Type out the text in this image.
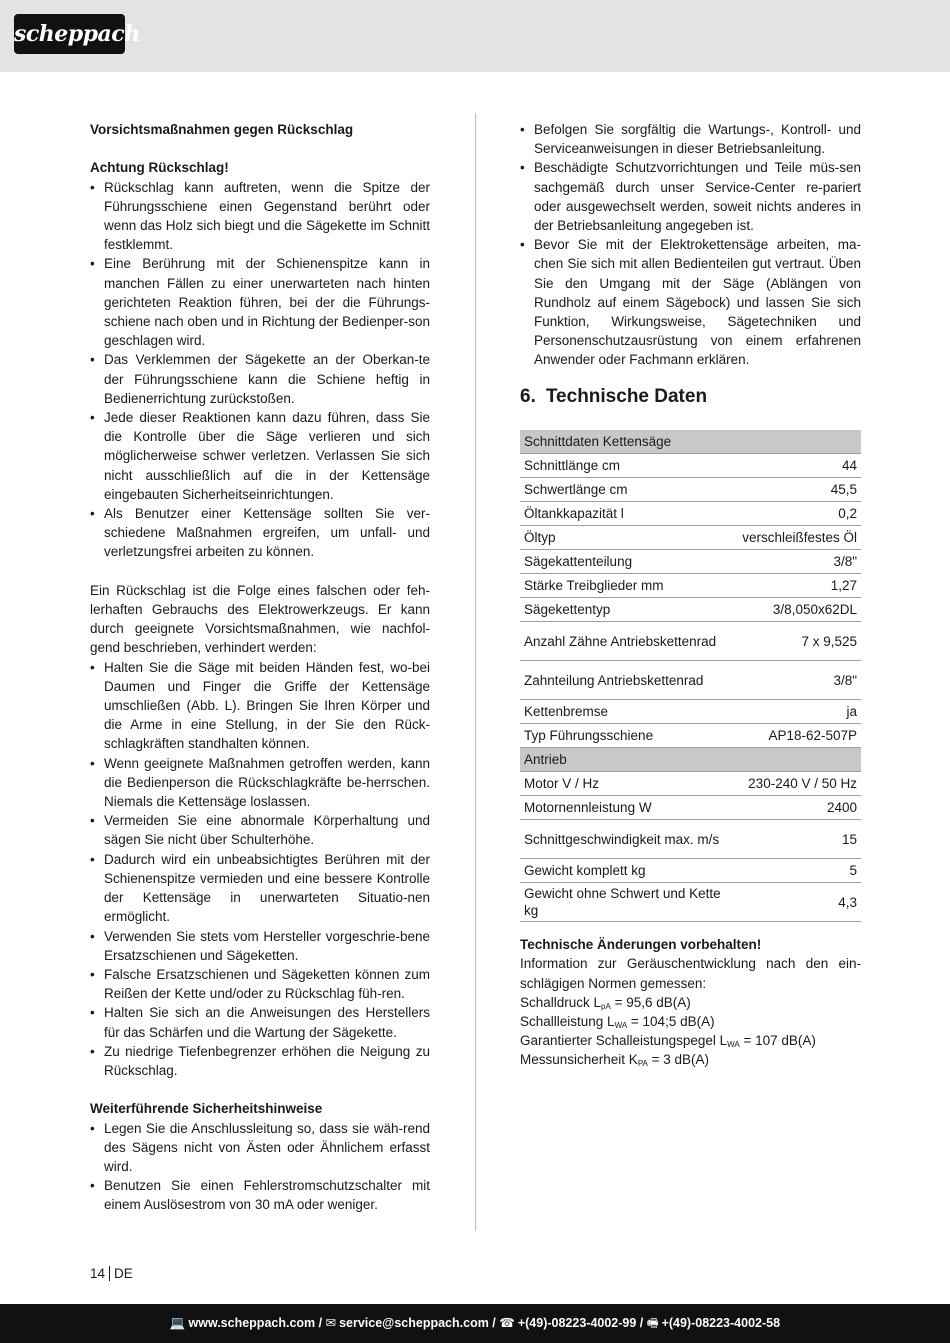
scheppach
Vorsichtsmaßnahmen gegen Rückschlag
Achtung Rückschlag!
• Rückschlag kann auftreten, wenn die Spitze der Führungsschiene einen Gegenstand berührt oder wenn das Holz sich biegt und die Sägekette im Schnitt festklemmt.
• Eine Berührung mit der Schienenspitze kann in manchen Fällen zu einer unerwarteten nach hinten gerichteten Reaktion führen, bei der die Führungs-schiene nach oben und in Richtung der Bedienper-son geschlagen wird.
• Das Verklemmen der Sägekette an der Oberkan-te der Führungsschiene kann die Schiene heftig in Bedienerrichtung zurückstoßen.
• Jede dieser Reaktionen kann dazu führen, dass Sie die Kontrolle über die Säge verlieren und sich möglicherweise schwer verletzen. Verlassen Sie sich nicht ausschließlich auf die in der Kettensäge eingebauten Sicherheitseinrichtungen.
• Als Benutzer einer Kettensäge sollten Sie ver-schiedene Maßnahmen ergreifen, um unfall- und verletzungsfrei arbeiten zu können.
Ein Rückschlag ist die Folge eines falschen oder feh-lerhaften Gebrauchs des Elektrowerkzeugs. Er kann durch geeignete Vorsichtsmaßnahmen, wie nachfol-gend beschrieben, verhindert werden:
• Halten Sie die Säge mit beiden Händen fest, wo-bei Daumen und Finger die Griffe der Kettensäge umschließen (Abb. L). Bringen Sie Ihren Körper und die Arme in eine Stellung, in der Sie den Rück-schlagkräften standhalten können.
• Wenn geeignete Maßnahmen getroffen werden, kann die Bedienperson die Rückschlagkräfte be-herrschen. Niemals die Kettensäge loslassen.
• Vermeiden Sie eine abnormale Körperhaltung und sägen Sie nicht über Schulterhöhe.
• Dadurch wird ein unbeabsichtigtes Berühren mit der Schienenspitze vermieden und eine bessere Kontrolle der Kettensäge in unerwarteten Situatio-nen ermöglicht.
• Verwenden Sie stets vom Hersteller vorgeschrie-bene Ersatzschienen und Sägeketten.
• Falsche Ersatzschienen und Sägeketten können zum Reißen der Kette und/oder zu Rückschlag füh-ren.
• Halten Sie sich an die Anweisungen des Herstellers für das Schärfen und die Wartung der Sägekette.
• Zu niedrige Tiefenbegrenzer erhöhen die Neigung zu Rückschlag.
Weiterführende Sicherheitshinweise
• Legen Sie die Anschlussleitung so, dass sie wäh-rend des Sägens nicht von Ästen oder Ähnlichem erfasst wird.
• Benutzen Sie einen Fehlerstromschutzschalter mit einem Auslösestrom von 30 mA oder weniger.
• Befolgen Sie sorgfältig die Wartungs-, Kontroll- und Serviceanweisungen in dieser Betriebsanleitung.
• Beschädigte Schutzvorrichtungen und Teile müs-sen sachgemäß durch unser Service-Center re-pariert oder ausgewechselt werden, soweit nichts anderes in der Betriebsanleitung angegeben ist.
• Bevor Sie mit der Elektrokettensäge arbeiten, ma-chen Sie sich mit allen Bedienteilen gut vertraut. Üben Sie den Umgang mit der Säge (Ablängen von Rundholz auf einem Sägebock) und lassen Sie sich Funktion, Wirkungsweise, Sägetechniken und Personenschutzausrüstung von einem erfahrenen Anwender oder Fachmann erklären.
6. Technische Daten
Schnittdaten Kettensäge	
Schnittlänge cm	44
Schwertlänge cm	45,5
Öltankkapazität l	0,2
Öltyp	verschleißfestes Öl
Sägekattenteilung	3/8"
Stärke Treibglieder mm	1,27
Sägekettentyp	3/8,050x62DL
Anzahl Zähne Antriebskettenrad	7 x 9,525
Zahnteilung Antriebskettenrad	3/8"
Kettenbremse	ja
Typ Führungsschiene	AP18-62-507P
Antrieb	
Motor V / Hz	230-240 V / 50 Hz
Motornennleistung W	2400
Schnittgeschwindigkeit max. m/s	15
Gewicht komplett kg	5
Gewicht ohne Schwert und Kette kg	4,3
Technische Änderungen vorbehalten!
Information zur Geräuschentwicklung nach den ein-schlägigen Normen gemessen:
Schalldruck $L_{pA} = 95,6$ dB(A)
Schallleistung $L_{WA}$ = 104;5 dB(A)
Garantierter Schalleistungspegel $L_{WA} = 107$ dB(A)
Messunsicherheit $K_{PA} = 3$ dB(A)
14 DE
💻 www.scheppach.com / ✉ service@scheppach.com / ☎ +(49)-08223-4002-99 / 🖷 +(49)-08223-4002-58
